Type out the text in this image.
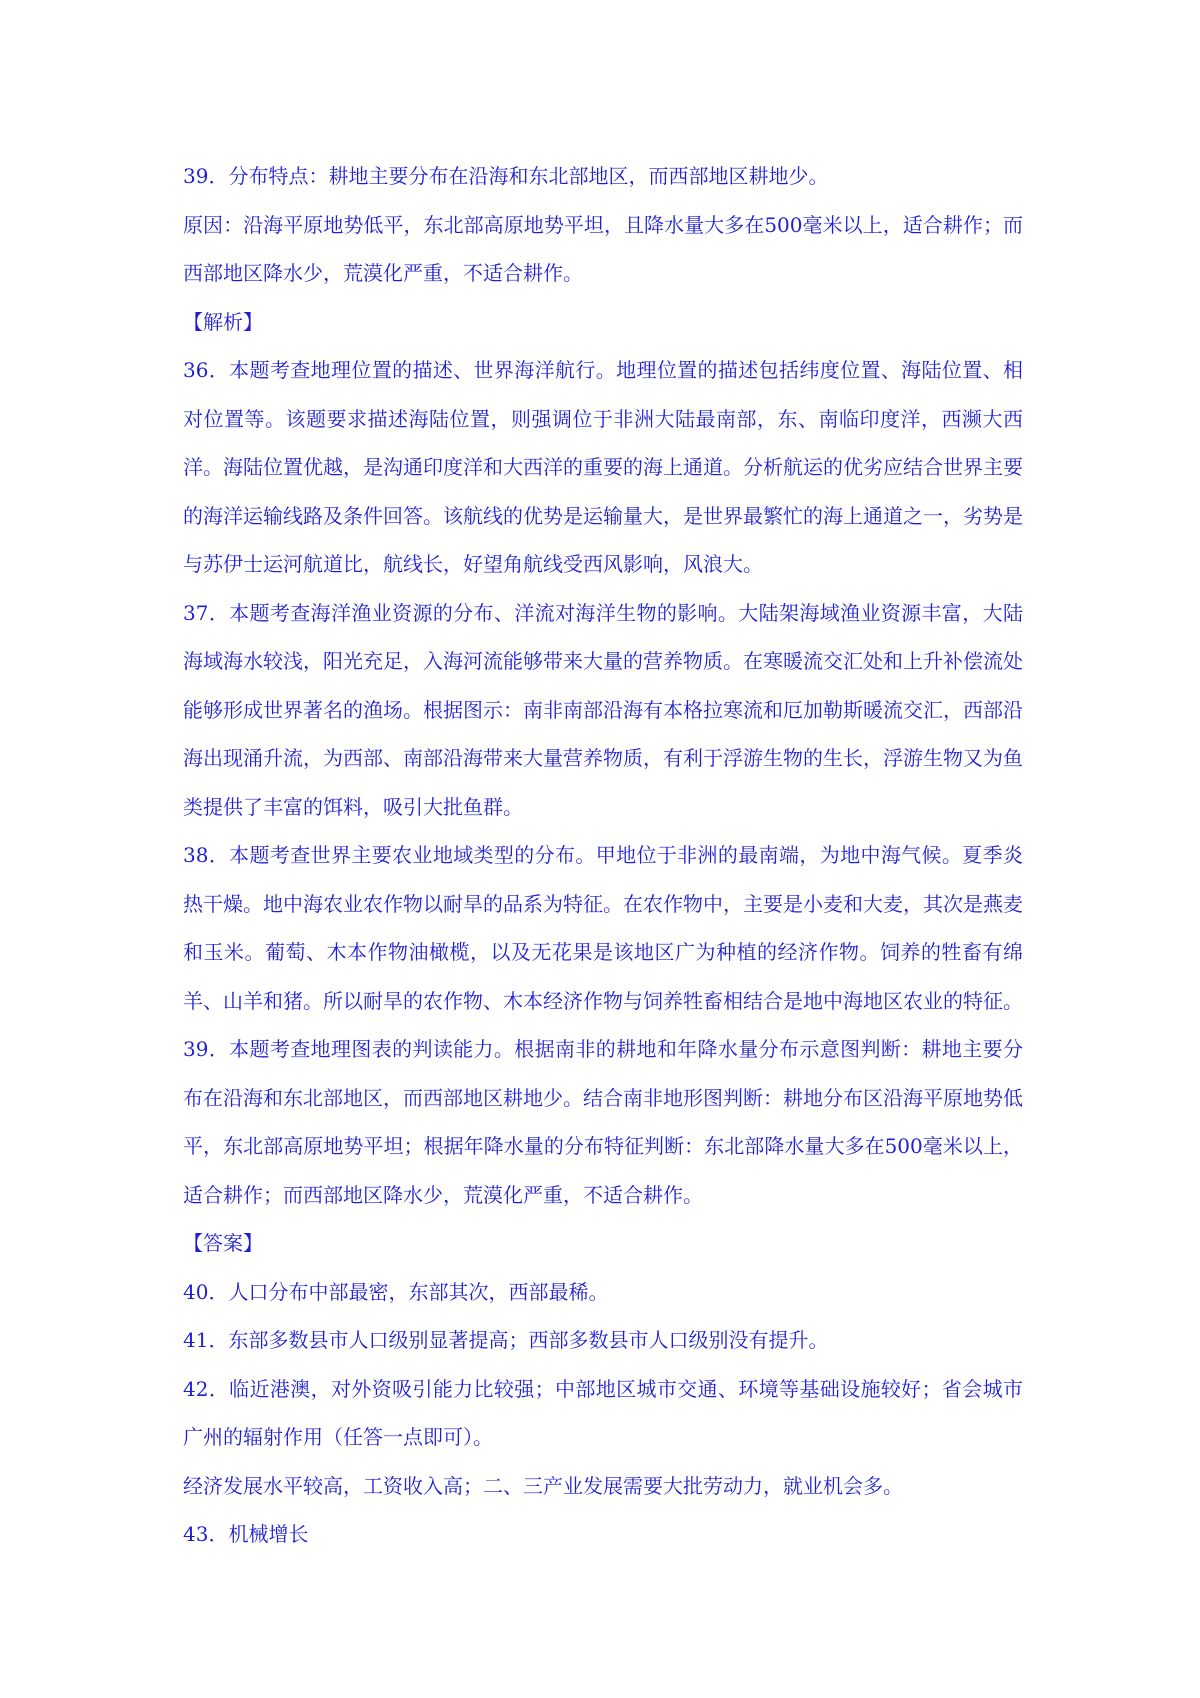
39．分布特点：耕地主要分布在沿海和东北部地区，而西部地区耕地少。

原因：沿海平原地势低平，东北部高原地势平坦，且降水量大多在500毫米以上，适合耕作；而西部地区降水少，荒漠化严重，不适合耕作。

【解析】

36．本题考查地理位置的描述、世界海洋航行。地理位置的描述包括纬度位置、海陆位置、相对位置等。该题要求描述海陆位置，则强调位于非洲大陆最南部，东、南临印度洋，西濒大西洋。海陆位置优越，是沟通印度洋和大西洋的重要的海上通道。分析航运的优劣应结合世界主要的海洋运输线路及条件回答。该航线的优势是运输量大，是世界最繁忙的海上通道之一，劣势是与苏伊士运河航道比，航线长，好望角航线受西风影响，风浪大。

37．本题考查海洋渔业资源的分布、洋流对海洋生物的影响。大陆架海域渔业资源丰富，大陆海域海水较浅，阳光充足，入海河流能够带来大量的营养物质。在寒暖流交汇处和上升补偿流处能够形成世界著名的渔场。根据图示：南非南部沿海有本格拉寒流和厄加勒斯暖流交汇，西部沿海出现涌升流，为西部、南部沿海带来大量营养物质，有利于浮游生物的生长，浮游生物又为鱼类提供了丰富的饵料，吸引大批鱼群。

38．本题考查世界主要农业地域类型的分布。甲地位于非洲的最南端，为地中海气候。夏季炎热干燥。地中海农业农作物以耐旱的品系为特征。在农作物中，主要是小麦和大麦，其次是燕麦和玉米。葡萄、木本作物油橄榄，以及无花果是该地区广为种植的经济作物。饲养的牲畜有绵羊、山羊和猪。所以耐旱的农作物、木本经济作物与饲养牲畜相结合是地中海地区农业的特征。

39．本题考查地理图表的判读能力。根据南非的耕地和年降水量分布示意图判断：耕地主要分布在沿海和东北部地区，而西部地区耕地少。结合南非地形图判断：耕地分布区沿海平原地势低平，东北部高原地势平坦；根据年降水量的分布特征判断：东北部降水量大多在500毫米以上，适合耕作；而西部地区降水少，荒漠化严重，不适合耕作。

【答案】

40．人口分布中部最密，东部其次，西部最稀。

41．东部多数县市人口级别显著提高；西部多数县市人口级别没有提升。

42．临近港澳，对外资吸引能力比较强；中部地区城市交通、环境等基础设施较好；省会城市广州的辐射作用（任答一点即可）。

经济发展水平较高，工资收入高；二、三产业发展需要大批劳动力，就业机会多。

43．机械增长
